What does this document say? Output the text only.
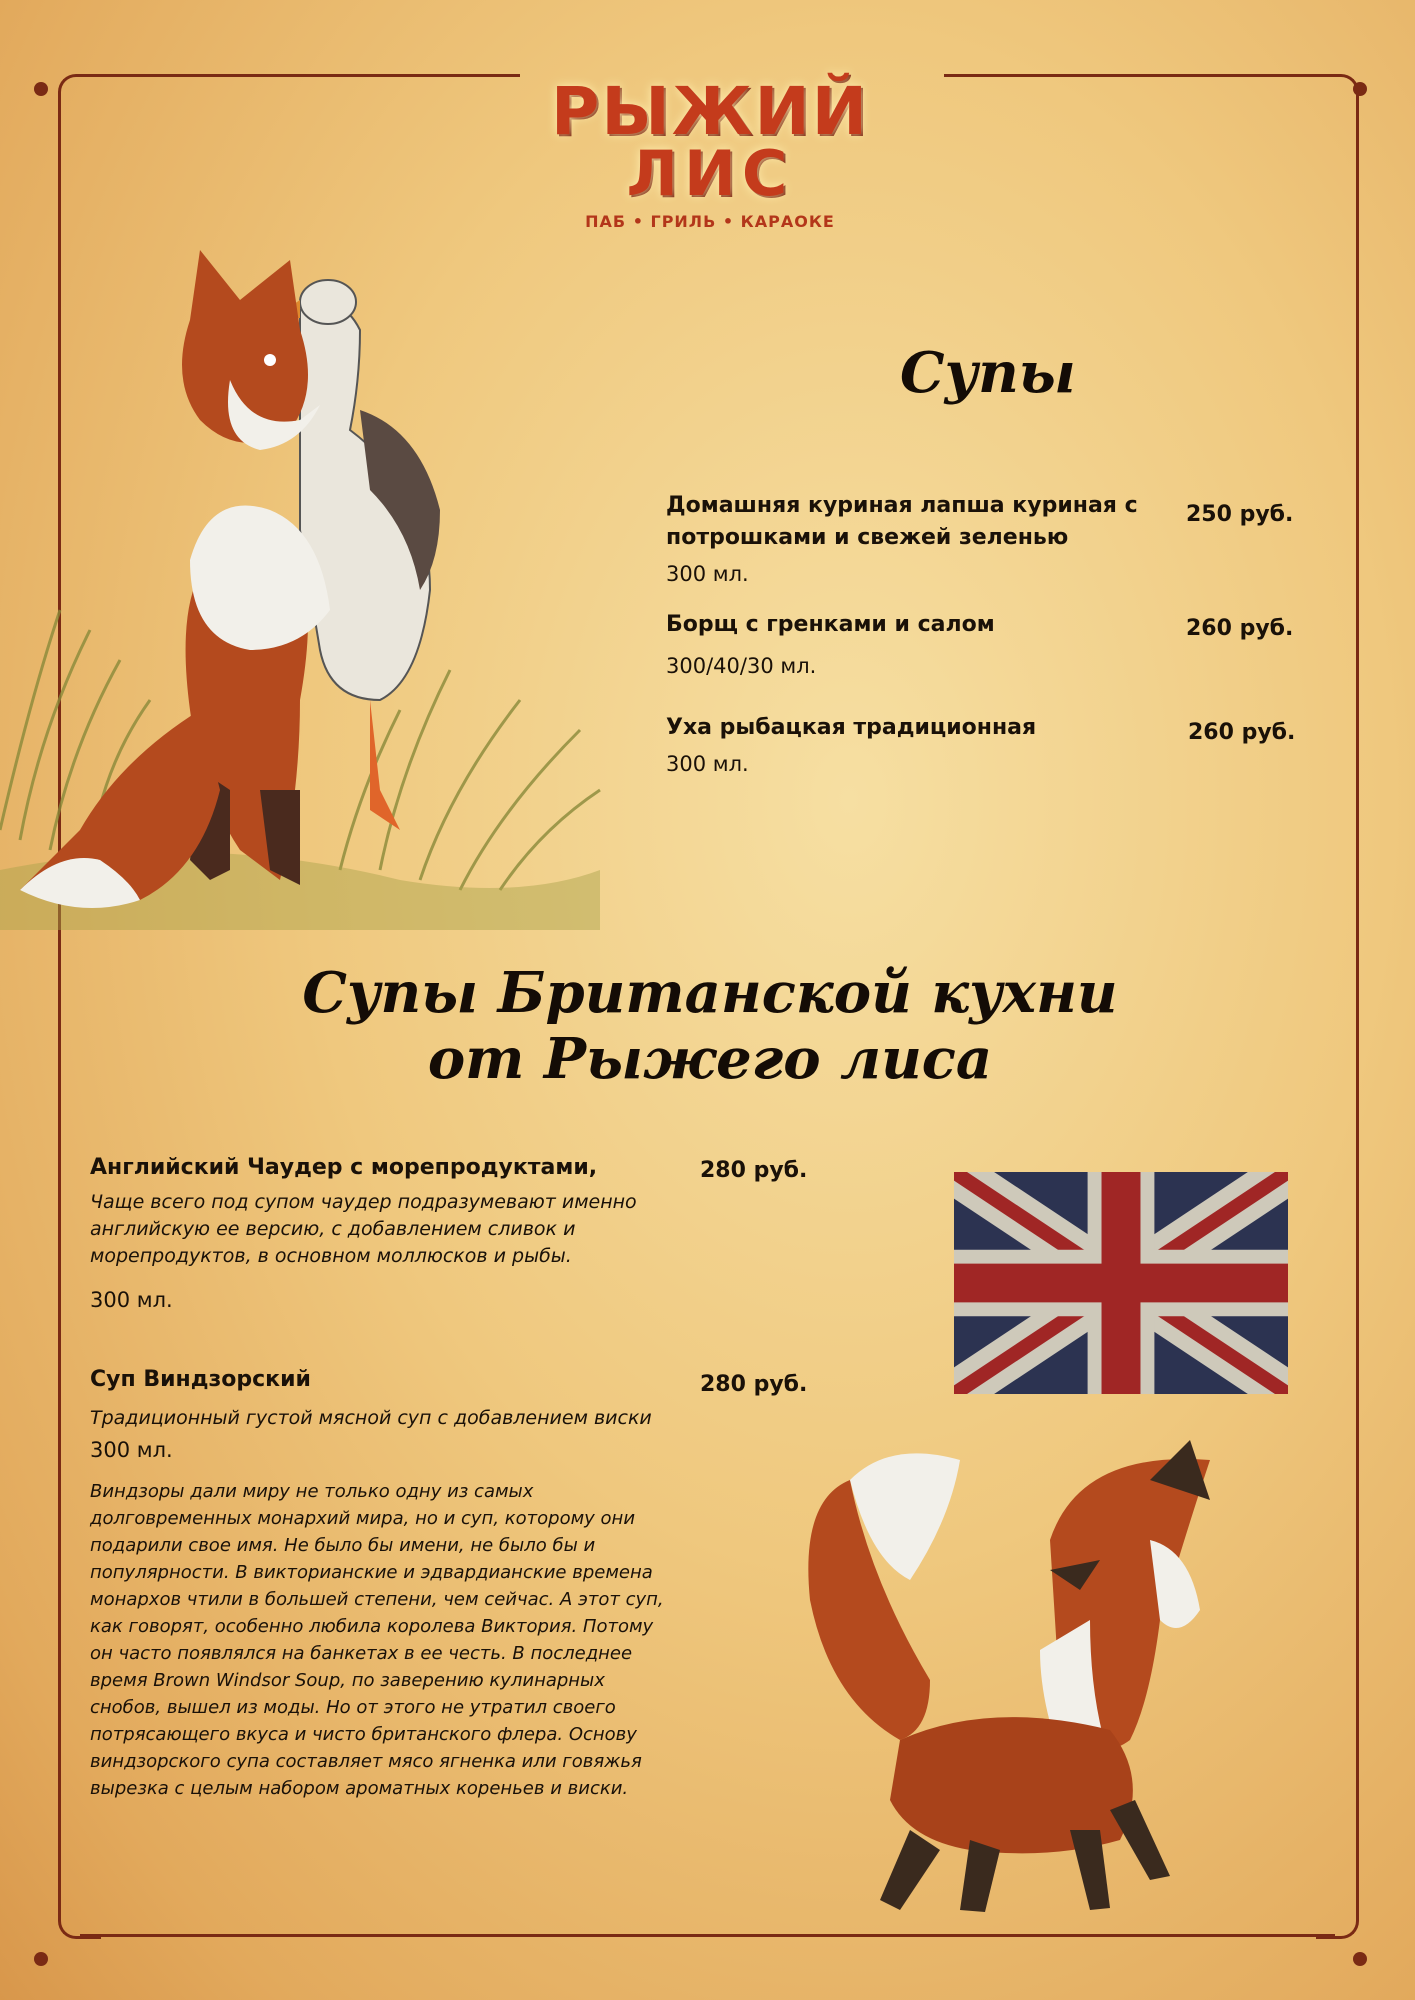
РЫЖИЙ
ЛИС
ПАБ • ГРИЛЬ • КАРАОКЕ
Супы
Домашняя куриная лапша куриная с потрошками и свежей зеленью
250 руб.
300 мл.
Борщ с гренками и салом	260 руб.
300/40/30 мл.
Уха рыбацкая традиционная	260 руб.
300 мл.
Супы Британской кухни
от Рыжего лиса
Английский Чаудер с морепродуктами,	280 руб.
Чаще всего под супом чаудер подразумевают именно английскую ее версию, с добавлением сливок и морепродуктов, в основном моллюсков и рыбы.
300 мл.
Суп Виндзорский	280 руб.
Традиционный густой мясной суп с добавлением виски
300 мл.
Виндзоры дали миру не только одну из самых долговременных монархий мира, но и суп, которому они подарили свое имя. Не было бы имени, не было бы и популярности. В викторианские и эдвардианские времена монархов чтили в большей степени, чем сейчас. А этот суп, как говорят, особенно любила королева Виктория. Потому он часто появлялся на банкетах в ее честь. В последнее время Brown Windsor Soup, по заверению кулинарных снобов, вышел из моды. Но от этого не утратил своего потрясающего вкуса и чисто британского флера. Основу виндзорского супа составляет мясо ягненка или говяжья вырезка с целым набором ароматных кореньев и виски.
